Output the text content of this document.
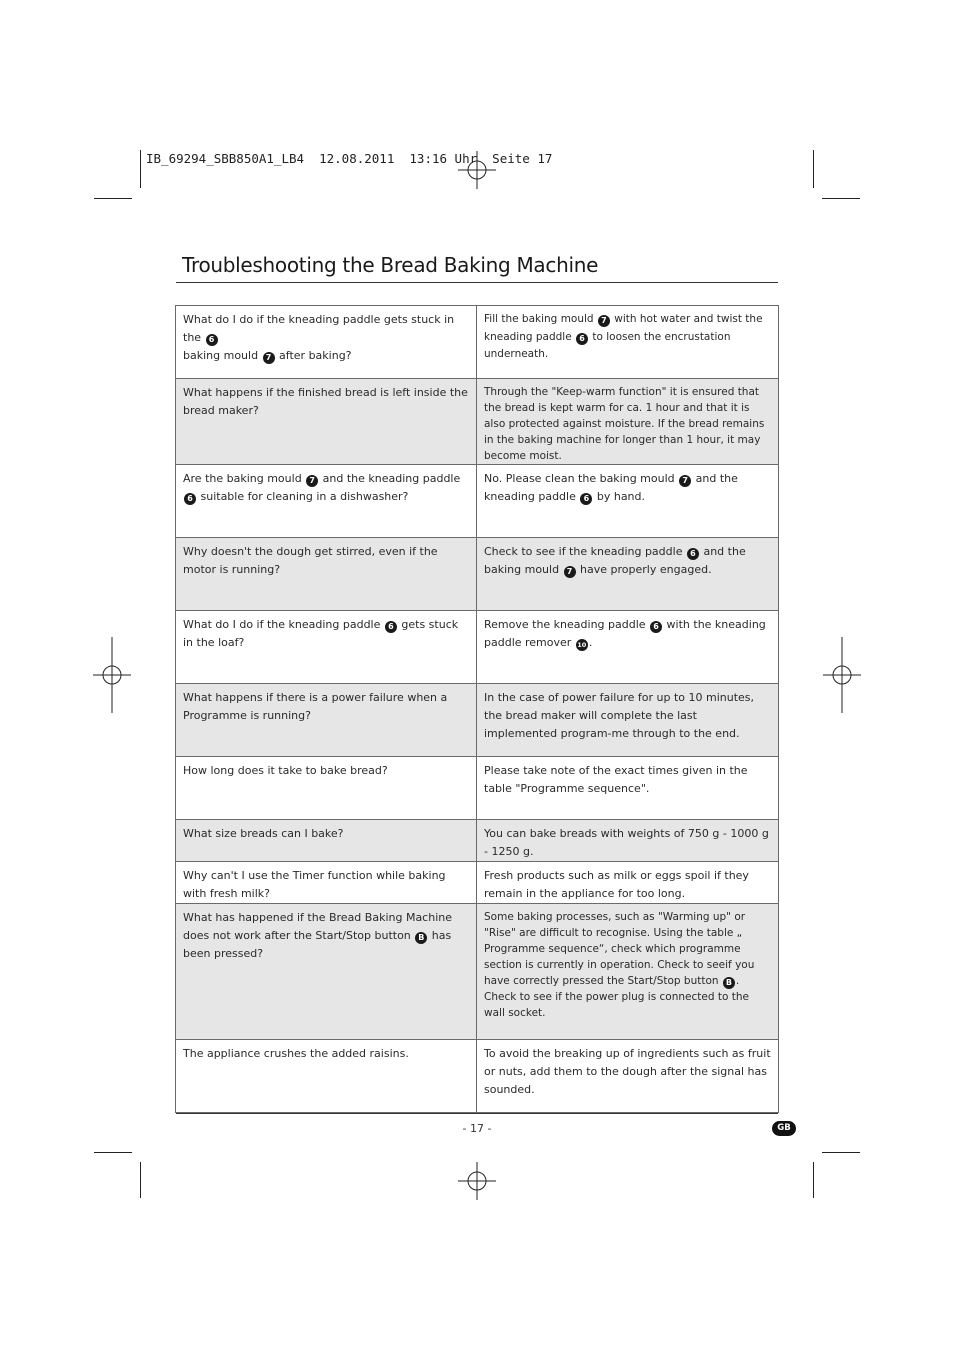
IB_69294_SBB850A1_LB4  12.08.2011  13:16 Uhr  Seite 17
Troubleshooting the Bread Baking Machine
What do I do if the kneading paddle gets stuck in the 6
baking mould 7 after baking?	Fill the baking mould 7 with hot water and twist the kneading paddle 6 to loosen the encrustation underneath.
What happens if the finished bread is left inside the bread maker?	Through the "Keep-warm function" it is ensured that the bread is kept warm for ca. 1 hour and that it is also protected against moisture. If the bread remains in the baking machine for longer than 1 hour, it may become moist.
Are the baking mould 7 and the kneading paddle 6 suitable for cleaning in a dishwasher?	No. Please clean the baking mould 7 and the kneading paddle 6 by hand.
Why doesn't the dough get stirred, even if the motor is running?	Check to see if the kneading paddle 6 and the baking mould 7 have properly engaged.
What do I do if the kneading paddle 6 gets stuck in the loaf?	Remove the kneading paddle 6 with the kneading paddle remover 10 .
What happens if there is a power failure when a Programme is running?	In the case of power failure for up to 10 minutes, the bread maker will complete the last implemented program-me through to the end.
How long does it take to bake bread?	Please take note of the exact times given in the table "Programme sequence".
What size breads can I bake?	You can bake breads with weights of 750 g - 1000 g - 1250 g.
Why can't I use the Timer function while baking with fresh milk?	Fresh products such as milk or eggs spoil if they remain in the appliance for too long.
What has happened if the Bread Baking Machine does not work after the Start/Stop button B has been pressed?	Some baking processes, such as "Warming up" or "Rise" are difficult to recognise. Using the table „ Programme sequence“, check which programme section is currently in operation. Check to seeif you have correctly pressed the Start/Stop button B .
Check to see if the power plug is connected to the wall socket.
The appliance crushes the added raisins.	To avoid the breaking up of ingredients such as fruit or nuts, add them to the dough after the signal has sounded.
- 17 -	GB
